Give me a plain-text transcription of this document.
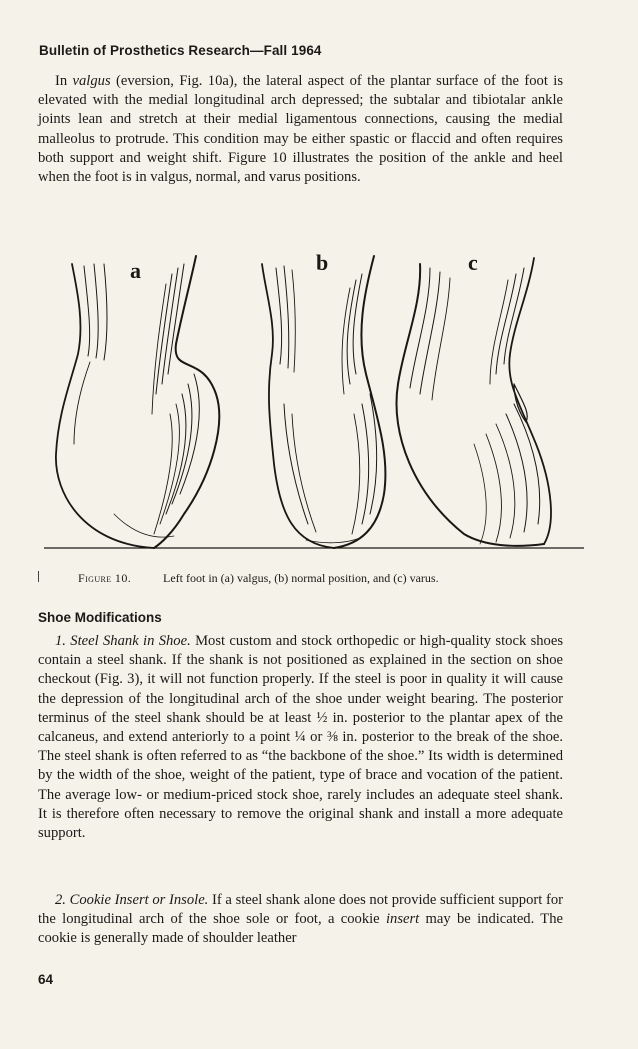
Bulletin of Prosthetics Research—Fall 1964

In valgus (eversion, Fig. 10a), the lateral aspect of the plantar surface of the foot is elevated with the medial longitudinal arch depressed; the subtalar and tibiotalar ankle joints lean and stretch at their medial ligamentous connections, causing the medial malleolus to protrude. This condition may be either spastic or flaccid and often requires both support and weight shift. Figure 10 illustrates the position of the ankle and heel when the foot is in valgus, normal, and varus positions.

a	b	c
Figure 10.	Left foot in (a) valgus, (b) normal position, and (c) varus.
Shoe Modifications

1. Steel Shank in Shoe. Most custom and stock orthopedic or high-quality stock shoes contain a steel shank. If the shank is not positioned as explained in the section on shoe checkout (Fig. 3), it will not function properly. If the steel is poor in quality it will cause the depression of the longitudinal arch of the shoe under weight bearing. The posterior terminus of the steel shank should be at least ½ in. posterior to the plantar apex of the calcaneus, and extend anteriorly to a point ¼ or ⅜ in. posterior to the break of the shoe. The steel shank is often referred to as “the backbone of the shoe.” Its width is determined by the width of the shoe, weight of the patient, type of brace and vocation of the patient. The average low- or medium-priced stock shoe, rarely includes an adequate steel shank. It is therefore often necessary to remove the original shank and install a more adequate support.

2. Cookie Insert or Insole. If a steel shank alone does not provide sufficient support for the longitudinal arch of the shoe sole or foot, a cookie insert may be indicated. The cookie is generally made of shoulder leather

64
